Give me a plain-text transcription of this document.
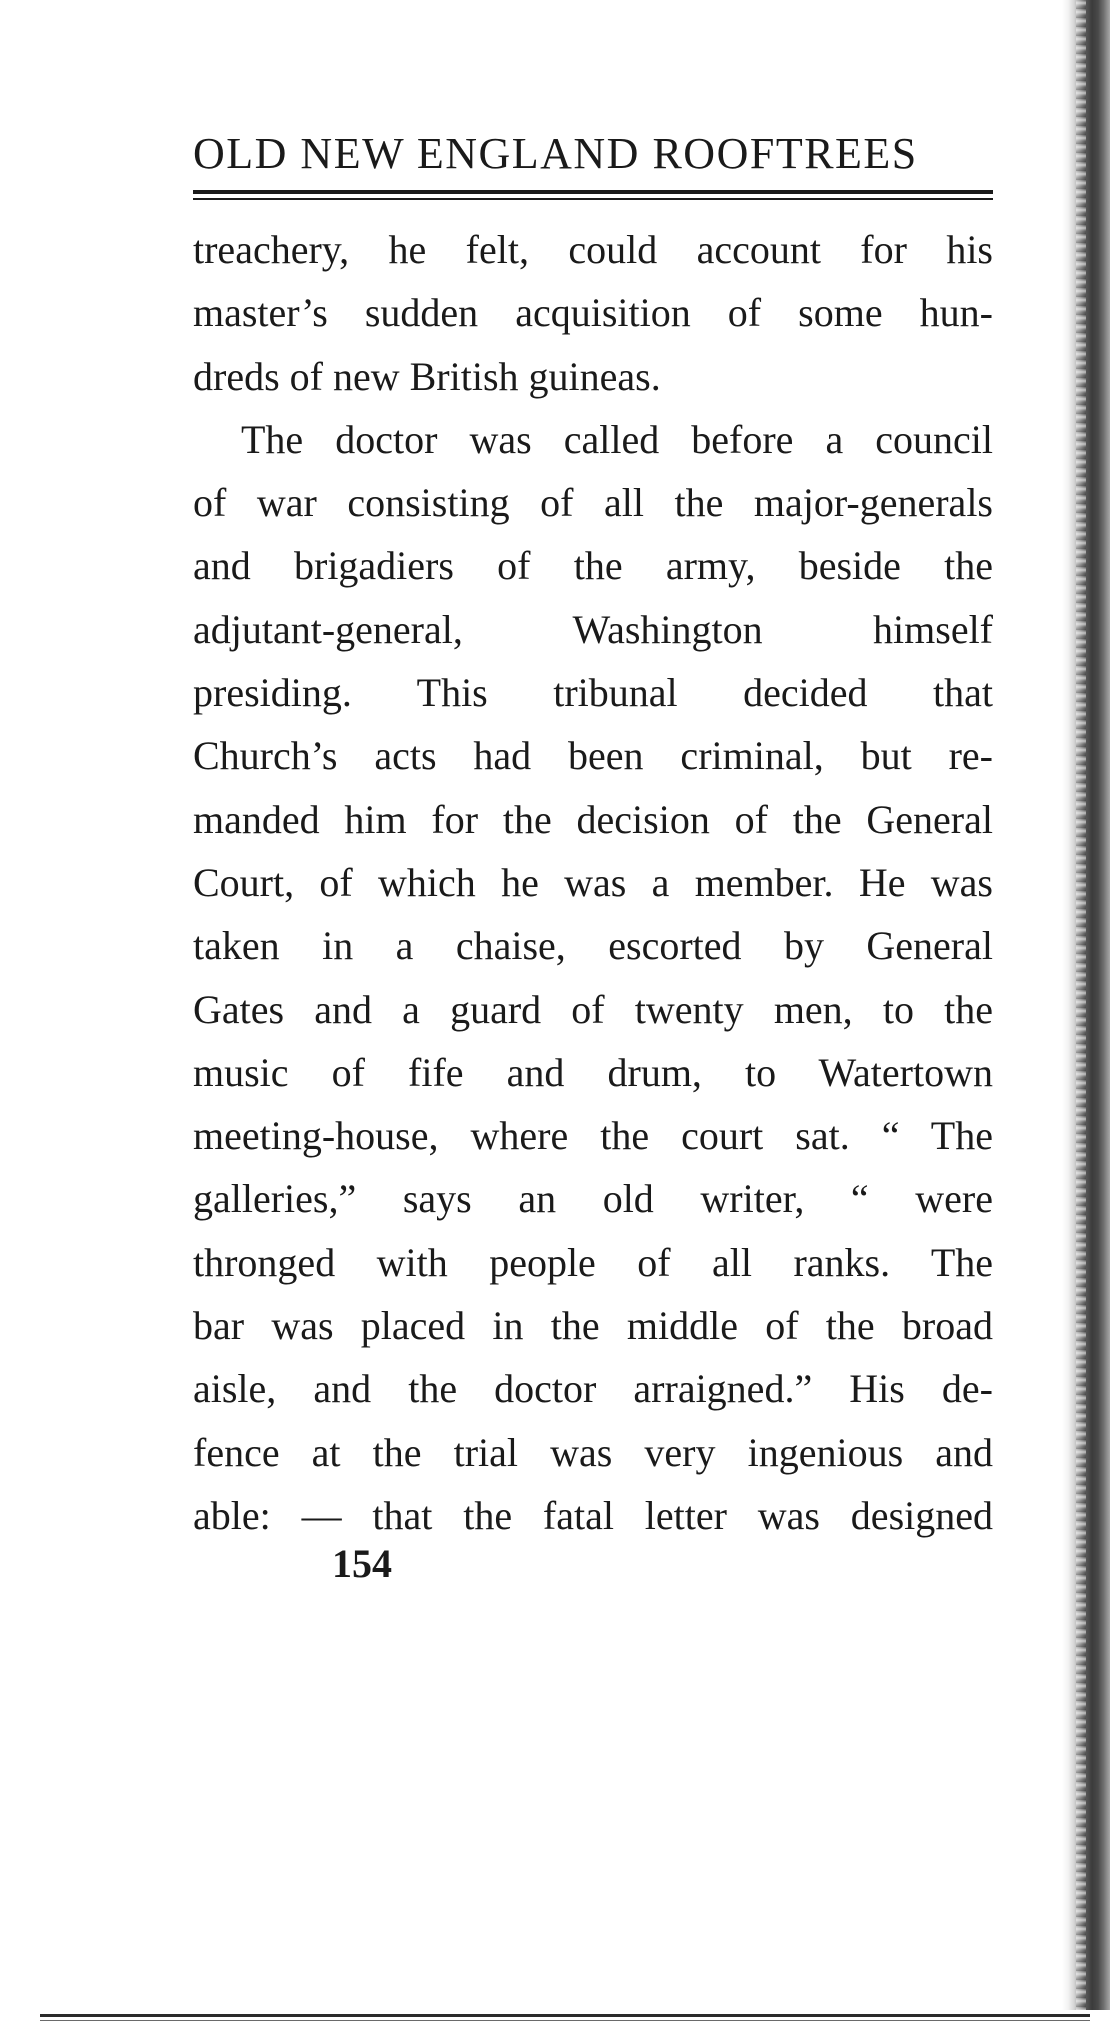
OLD NEW ENGLAND ROOFTREES
treachery, he felt, could account for his
master’s sudden acquisition of some hun-
dreds of new British guineas.
The doctor was called before a council
of war consisting of all the major-generals
and brigadiers of the army, beside the
adjutant-general, Washington himself
presiding. This tribunal decided that
Church’s acts had been criminal, but re-
manded him for the decision of the General
Court, of which he was a member. He was
taken in a chaise, escorted by General
Gates and a guard of twenty men, to the
music of fife and drum, to Watertown
meeting-house, where the court sat. “ The
galleries,” says an old writer, “ were
thronged with people of all ranks. The
bar was placed in the middle of the broad
aisle, and the doctor arraigned.” His de-
fence at the trial was very ingenious and
able: — that the fatal letter was designed
154
